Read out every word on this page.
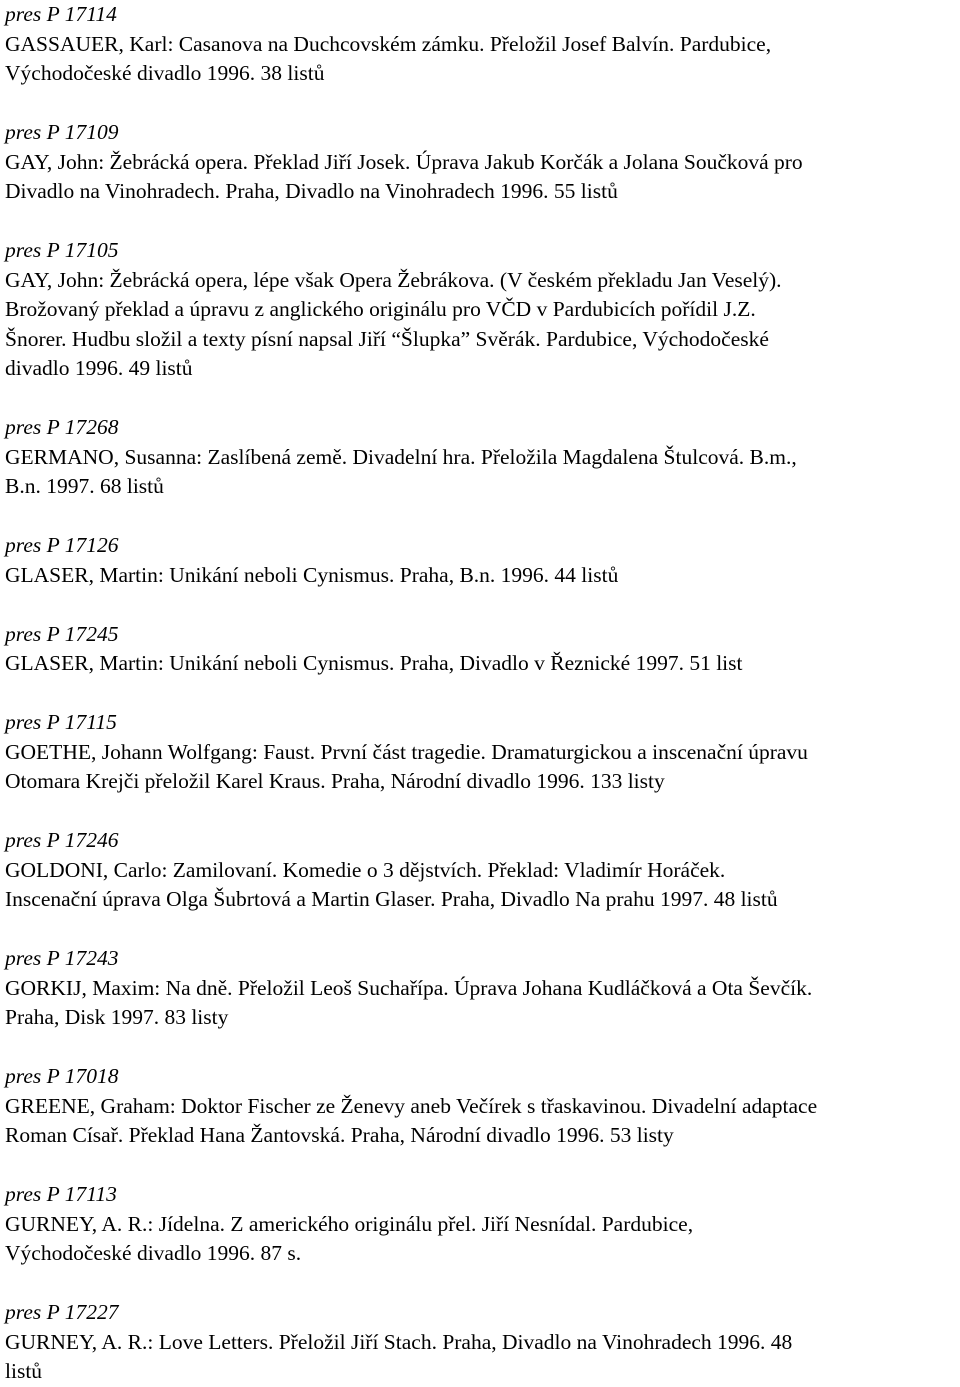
pres P 17114
GASSAUER, Karl: Casanova na Duchcovském zámku. Přeložil Josef Balvín. Pardubice,
Východočeské divadlo 1996. 38 listů
pres P 17109
GAY, John: Žebrácká opera. Překlad Jiří Josek. Úprava Jakub Korčák a Jolana Součková pro
Divadlo na Vinohradech. Praha, Divadlo na Vinohradech 1996. 55 listů
pres P 17105
GAY, John: Žebrácká opera, lépe však Opera Žebrákova. (V českém překladu Jan Veselý).
Brožovaný překlad a úpravu z anglického originálu pro VČD v Pardubicích pořídil J.Z.
Šnorer. Hudbu složil a texty písní napsal Jiří “Šlupka” Svěrák. Pardubice, Východočeské
divadlo 1996. 49 listů
pres P 17268
GERMANO, Susanna: Zaslíbená země. Divadelní hra. Přeložila Magdalena Štulcová. B.m.,
B.n. 1997. 68 listů
pres P 17126
GLASER, Martin: Unikání neboli Cynismus. Praha, B.n. 1996. 44 listů
pres P 17245
GLASER, Martin: Unikání neboli Cynismus. Praha, Divadlo v Řeznické 1997. 51 list
pres P 17115
GOETHE, Johann Wolfgang: Faust. První část tragedie. Dramaturgickou a inscenační úpravu
Otomara Krejči přeložil Karel Kraus. Praha, Národní divadlo 1996. 133 listy
pres P 17246
GOLDONI, Carlo: Zamilovaní. Komedie o 3 dějstvích. Překlad: Vladimír Horáček.
Inscenační úprava Olga Šubrtová a Martin Glaser. Praha, Divadlo Na prahu 1997. 48 listů
pres P 17243
GORKIJ, Maxim: Na dně. Přeložil Leoš Suchařípa. Úprava Johana Kudláčková a Ota Ševčík.
Praha, Disk 1997. 83 listy
pres P 17018
GREENE, Graham: Doktor Fischer ze Ženevy aneb Večírek s třaskavinou. Divadelní adaptace
Roman Císař. Překlad Hana Žantovská. Praha, Národní divadlo 1996. 53 listy
pres P 17113
GURNEY, A. R.: Jídelna. Z amerického originálu přel. Jiří Nesnídal. Pardubice,
Východočeské divadlo 1996. 87 s.
pres P 17227
GURNEY, A. R.: Love Letters. Přeložil Jiří Stach. Praha, Divadlo na Vinohradech 1996. 48
listů
